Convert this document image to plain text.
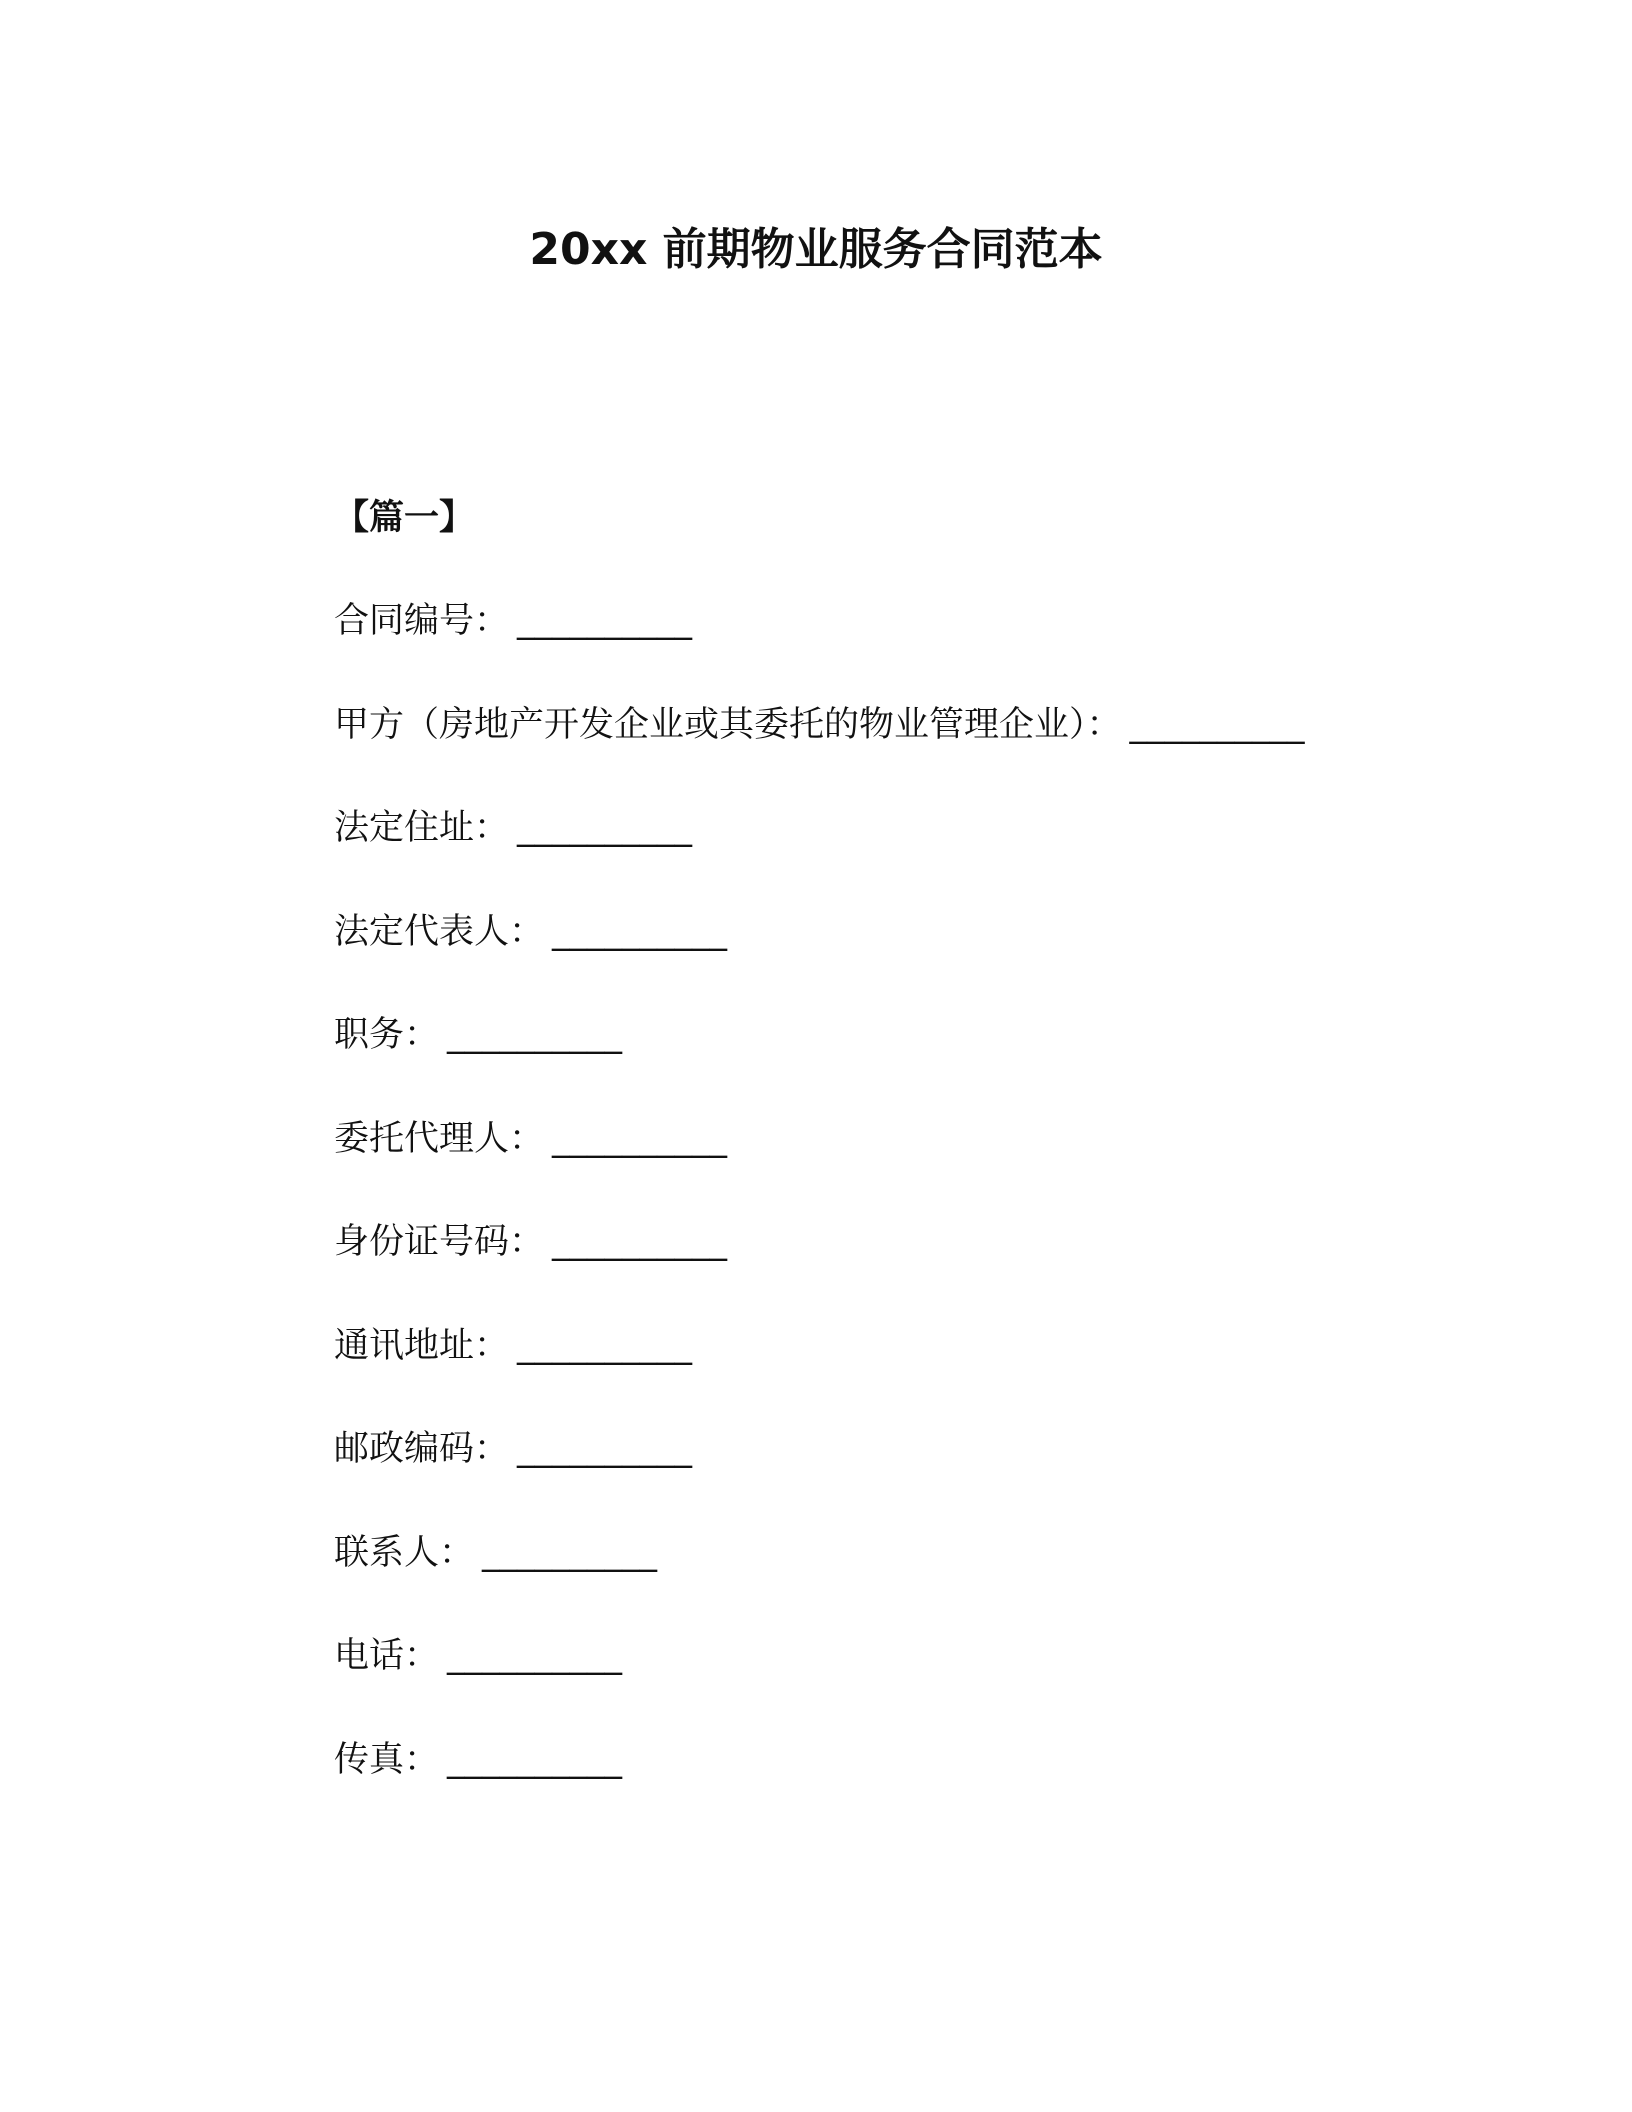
20xx 前期物业服务合同范本
【篇一】
合同编号： __________
甲方（房地产开发企业或其委托的物业管理企业）： __________
法定住址： __________
法定代表人： __________
职务： __________
委托代理人： __________
身份证号码： __________
通讯地址： __________
邮政编码： __________
联系人： __________
电话： __________
传真： __________
